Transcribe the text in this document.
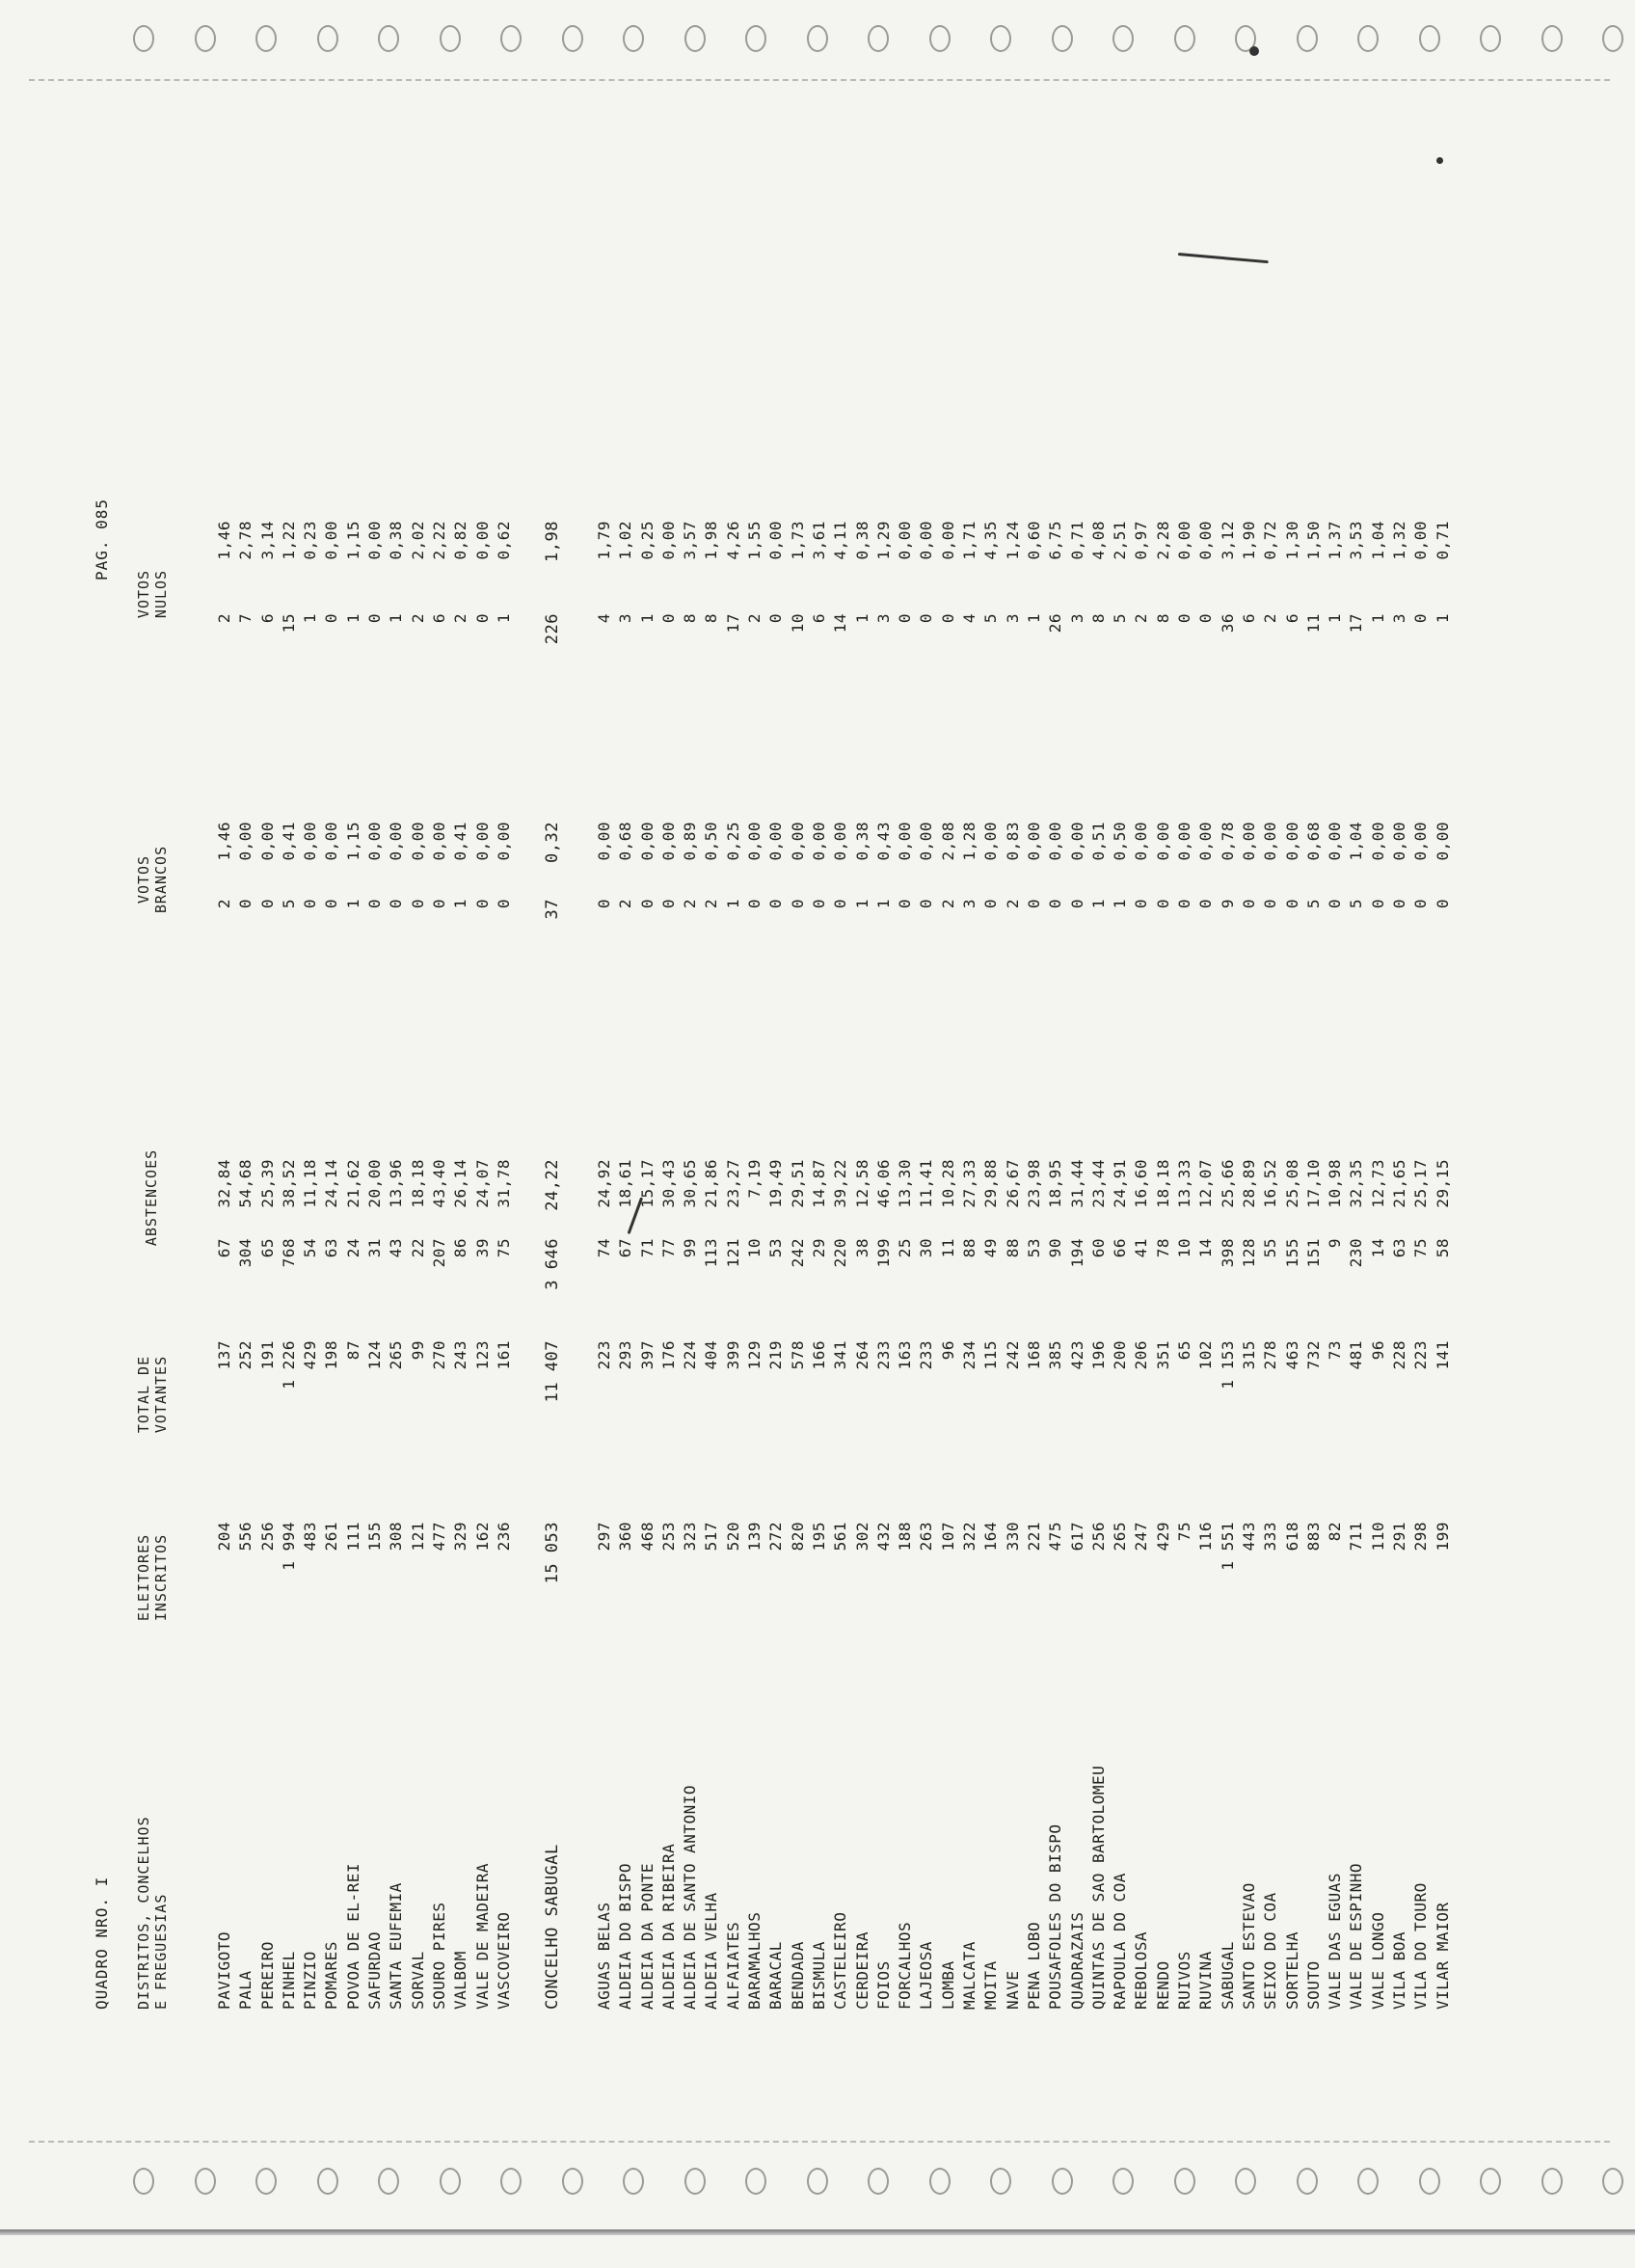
QUADRO NRO. I
PAG. 085
DISTRITOS, CONCELHOS
E FREGUESIAS
ELEITORES
INSCRITOS
TOTAL DE
VOTANTES
ABSTENCOES
VOTOS
BRANCOS
VOTOS
NULOS
PAVIGOTO
204
137
67
32,84
2
1,46
2
1,46
PALA
556
252
304
54,68
0
0,00
7
2,78
PEREIRO
256
191
65
25,39
0
0,00
6
3,14
PINHEL
1 994
1 226
768
38,52
5
0,41
15
1,22
PINZIO
483
429
54
11,18
0
0,00
1
0,23
POMARES
261
198
63
24,14
0
0,00
0
0,00
POVOA DE EL-REI
111
87
24
21,62
1
1,15
1
1,15
SAFURDAO
155
124
31
20,00
0
0,00
0
0,00
SANTA EUFEMIA
308
265
43
13,96
0
0,00
1
0,38
SORVAL
121
99
22
18,18
0
0,00
2
2,02
SOURO PIRES
477
270
207
43,40
0
0,00
6
2,22
VALBOM
329
243
86
26,14
1
0,41
2
0,82
VALE DE MADEIRA
162
123
39
24,07
0
0,00
0
0,00
VASCOVEIRO
236
161
75
31,78
0
0,00
1
0,62
CONCELHO SABUGAL
15 053
11 407
3 646
24,22
37
0,32
226
1,98
AGUAS BELAS
297
223
74
24,92
0
0,00
4
1,79
ALDEIA DO BISPO
360
293
67
18,61
2
0,68
3
1,02
ALDEIA DA PONTE
468
397
71
15,17
0
0,00
1
0,25
ALDEIA DA RIBEIRA
253
176
77
30,43
0
0,00
0
0,00
ALDEIA DE SANTO ANTONIO
323
224
99
30,65
2
0,89
8
3,57
ALDEIA VELHA
517
404
113
21,86
2
0,50
8
1,98
ALFAIATES
520
399
121
23,27
1
0,25
17
4,26
BARAMALHOS
139
129
10
7,19
0
0,00
2
1,55
BARACAL
272
219
53
19,49
0
0,00
0
0,00
BENDADA
820
578
242
29,51
0
0,00
10
1,73
BISMULA
195
166
29
14,87
0
0,00
6
3,61
CASTELEIRO
561
341
220
39,22
0
0,00
14
4,11
CERDEIRA
302
264
38
12,58
1
0,38
1
0,38
FOIOS
432
233
199
46,06
1
0,43
3
1,29
FORCALHOS
188
163
25
13,30
0
0,00
0
0,00
LAJEOSA
263
233
30
11,41
0
0,00
0
0,00
LOMBA
107
96
11
10,28
2
2,08
0
0,00
MALCATA
322
234
88
27,33
3
1,28
4
1,71
MOITA
164
115
49
29,88
0
0,00
5
4,35
NAVE
330
242
88
26,67
2
0,83
3
1,24
PENA LOBO
221
168
53
23,98
0
0,00
1
0,60
POUSAFOLES DO BISPO
475
385
90
18,95
0
0,00
26
6,75
QUADRAZAIS
617
423
194
31,44
0
0,00
3
0,71
QUINTAS DE SAO BARTOLOMEU
256
196
60
23,44
1
0,51
8
4,08
RAPOULA DO COA
265
200
66
24,91
1
0,50
5
2,51
REBOLOSA
247
206
41
16,60
0
0,00
2
0,97
RENDO
429
351
78
18,18
0
0,00
8
2,28
RUIVOS
75
65
10
13,33
0
0,00
0
0,00
RUVINA
116
102
14
12,07
0
0,00
0
0,00
SABUGAL
1 551
1 153
398
25,66
9
0,78
36
3,12
SANTO ESTEVAO
443
315
128
28,89
0
0,00
6
1,90
SEIXO DO COA
333
278
55
16,52
0
0,00
2
0,72
SORTELHA
618
463
155
25,08
0
0,00
6
1,30
SOUTO
883
732
151
17,10
5
0,68
11
1,50
VALE DAS EGUAS
82
73
9
10,98
0
0,00
1
1,37
VALE DE ESPINHO
711
481
230
32,35
5
1,04
17
3,53
VALE LONGO
110
96
14
12,73
0
0,00
1
1,04
VILA BOA
291
228
63
21,65
0
0,00
3
1,32
VILA DO TOURO
298
223
75
25,17
0
0,00
0
0,00
VILAR MAIOR
199
141
58
29,15
0
0,00
1
0,71
